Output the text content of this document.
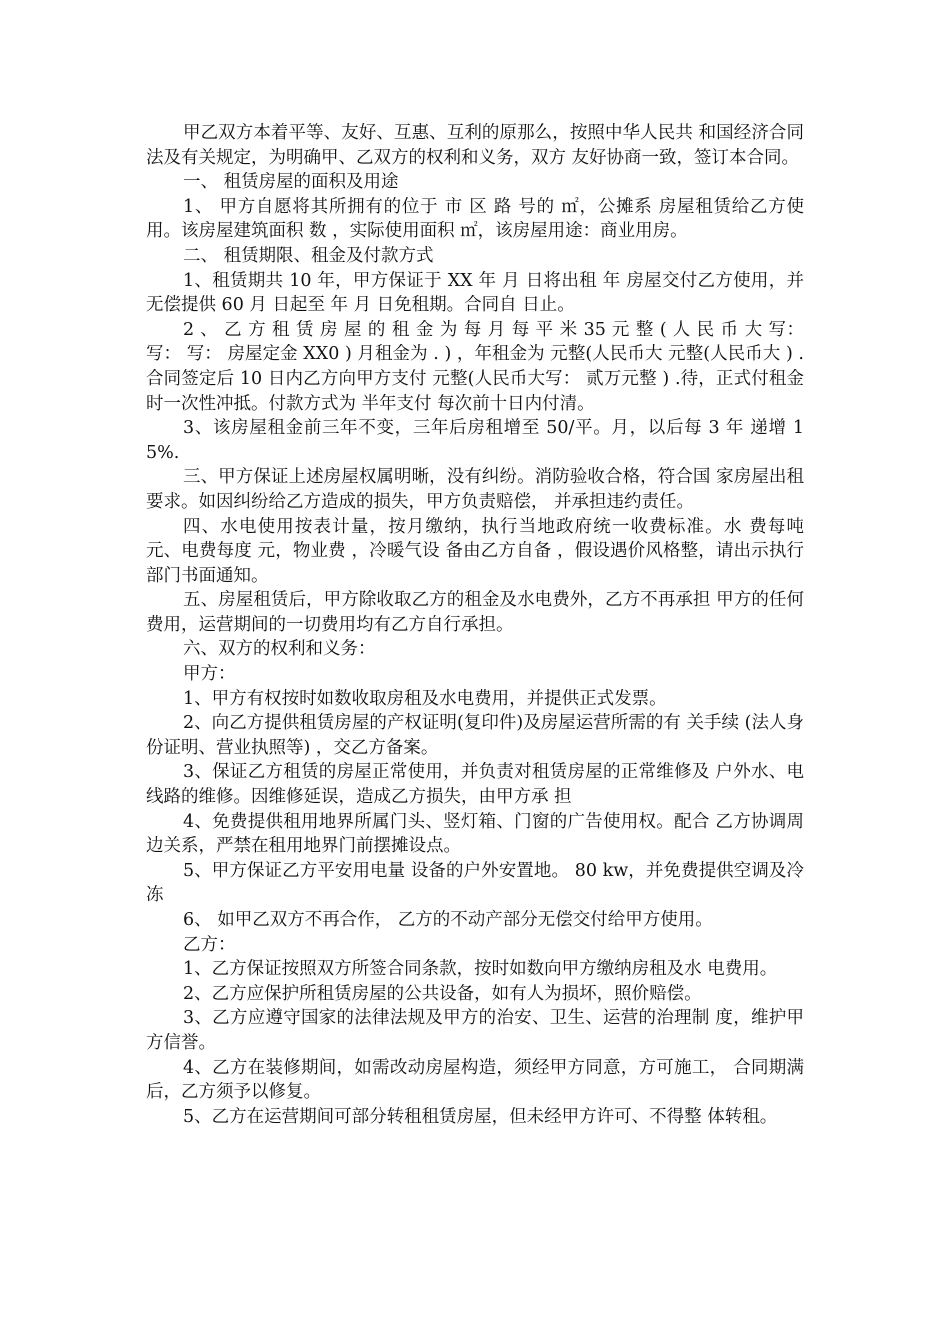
甲乙双方本着平等、友好、互惠、互利的原那么，按照中华人民共 和国经济合同法及有关规定，为明确甲、乙双方的权利和义务，双方 友好协商一致，签订本合同。

一、 租赁房屋的面积及用途

1、 甲方自愿将其所拥有的位于 市 区 路 号的 ㎡，公摊系 房屋租赁给乙方使用。该房屋建筑面积 数 ，实际使用面积 ㎡，该房屋用途：商业用房。

二、 租赁期限、租金及付款方式

1、租赁期共 10 年，甲方保证于 XX 年 月 日将出租 年 房屋交付乙方使用，并无偿提供 60 月 日起至 年 月 日免租期。合同自 日止。

2 、 乙 方 租 赁 房 屋 的 租 金 为 每 月 每 平 米 35 元 整 ( 人 民 币 大 写： 写： 写： 房屋定金 XX0 ) 月租金为 . ) ，年租金为 元整(人民币大 元整(人民币大 ) .合同签定后 10 日内乙方向甲方支付 元整(人民币大写： 贰万元整 ) .待，正式付租金时一次性冲抵。付款方式为 半年支付 每次前十日内付清。

3、该房屋租金前三年不变，三年后房租增至 50/平。月，以后每 3 年 递增 15%.

三、甲方保证上述房屋权属明晰，没有纠纷。消防验收合格，符合国 家房屋出租要求。如因纠纷给乙方造成的损失，甲方负责赔偿， 并承担违约责任。

四、水电使用按表计量，按月缴纳，执行当地政府统一收费标准。水 费每吨 元、电费每度 元，物业费 ，冷暖气设 备由乙方自备 ，假设遇价风格整，请出示执行部门书面通知。

五、房屋租赁后，甲方除收取乙方的租金及水电费外，乙方不再承担 甲方的任何费用，运营期间的一切费用均有乙方自行承担。

六、双方的权利和义务：

甲方：

1、甲方有权按时如数收取房租及水电费用，并提供正式发票。

2、向乙方提供租赁房屋的产权证明(复印件)及房屋运营所需的有 关手续 (法人身份证明、营业执照等) ，交乙方备案。

3、保证乙方租赁的房屋正常使用，并负责对租赁房屋的正常维修及 户外水、电线路的维修。因维修延误，造成乙方损失，由甲方承 担

4、免费提供租用地界所属门头、竖灯箱、门窗的广告使用权。配合 乙方协调周边关系，严禁在租用地界门前摆摊设点。

5、甲方保证乙方平安用电量 设备的户外安置地。 80 kw，并免费提供空调及冷冻

6、 如甲乙双方不再合作， 乙方的不动产部分无偿交付给甲方使用。

乙方：

1、乙方保证按照双方所签合同条款，按时如数向甲方缴纳房租及水 电费用。

2、乙方应保护所租赁房屋的公共设备，如有人为损坏，照价赔偿。

3、乙方应遵守国家的法律法规及甲方的治安、卫生、运营的治理制 度，维护甲方信誉。

4、乙方在装修期间，如需改动房屋构造，须经甲方同意，方可施工， 合同期满后，乙方须予以修复。

5、乙方在运营期间可部分转租租赁房屋，但未经甲方许可、不得整 体转租。
